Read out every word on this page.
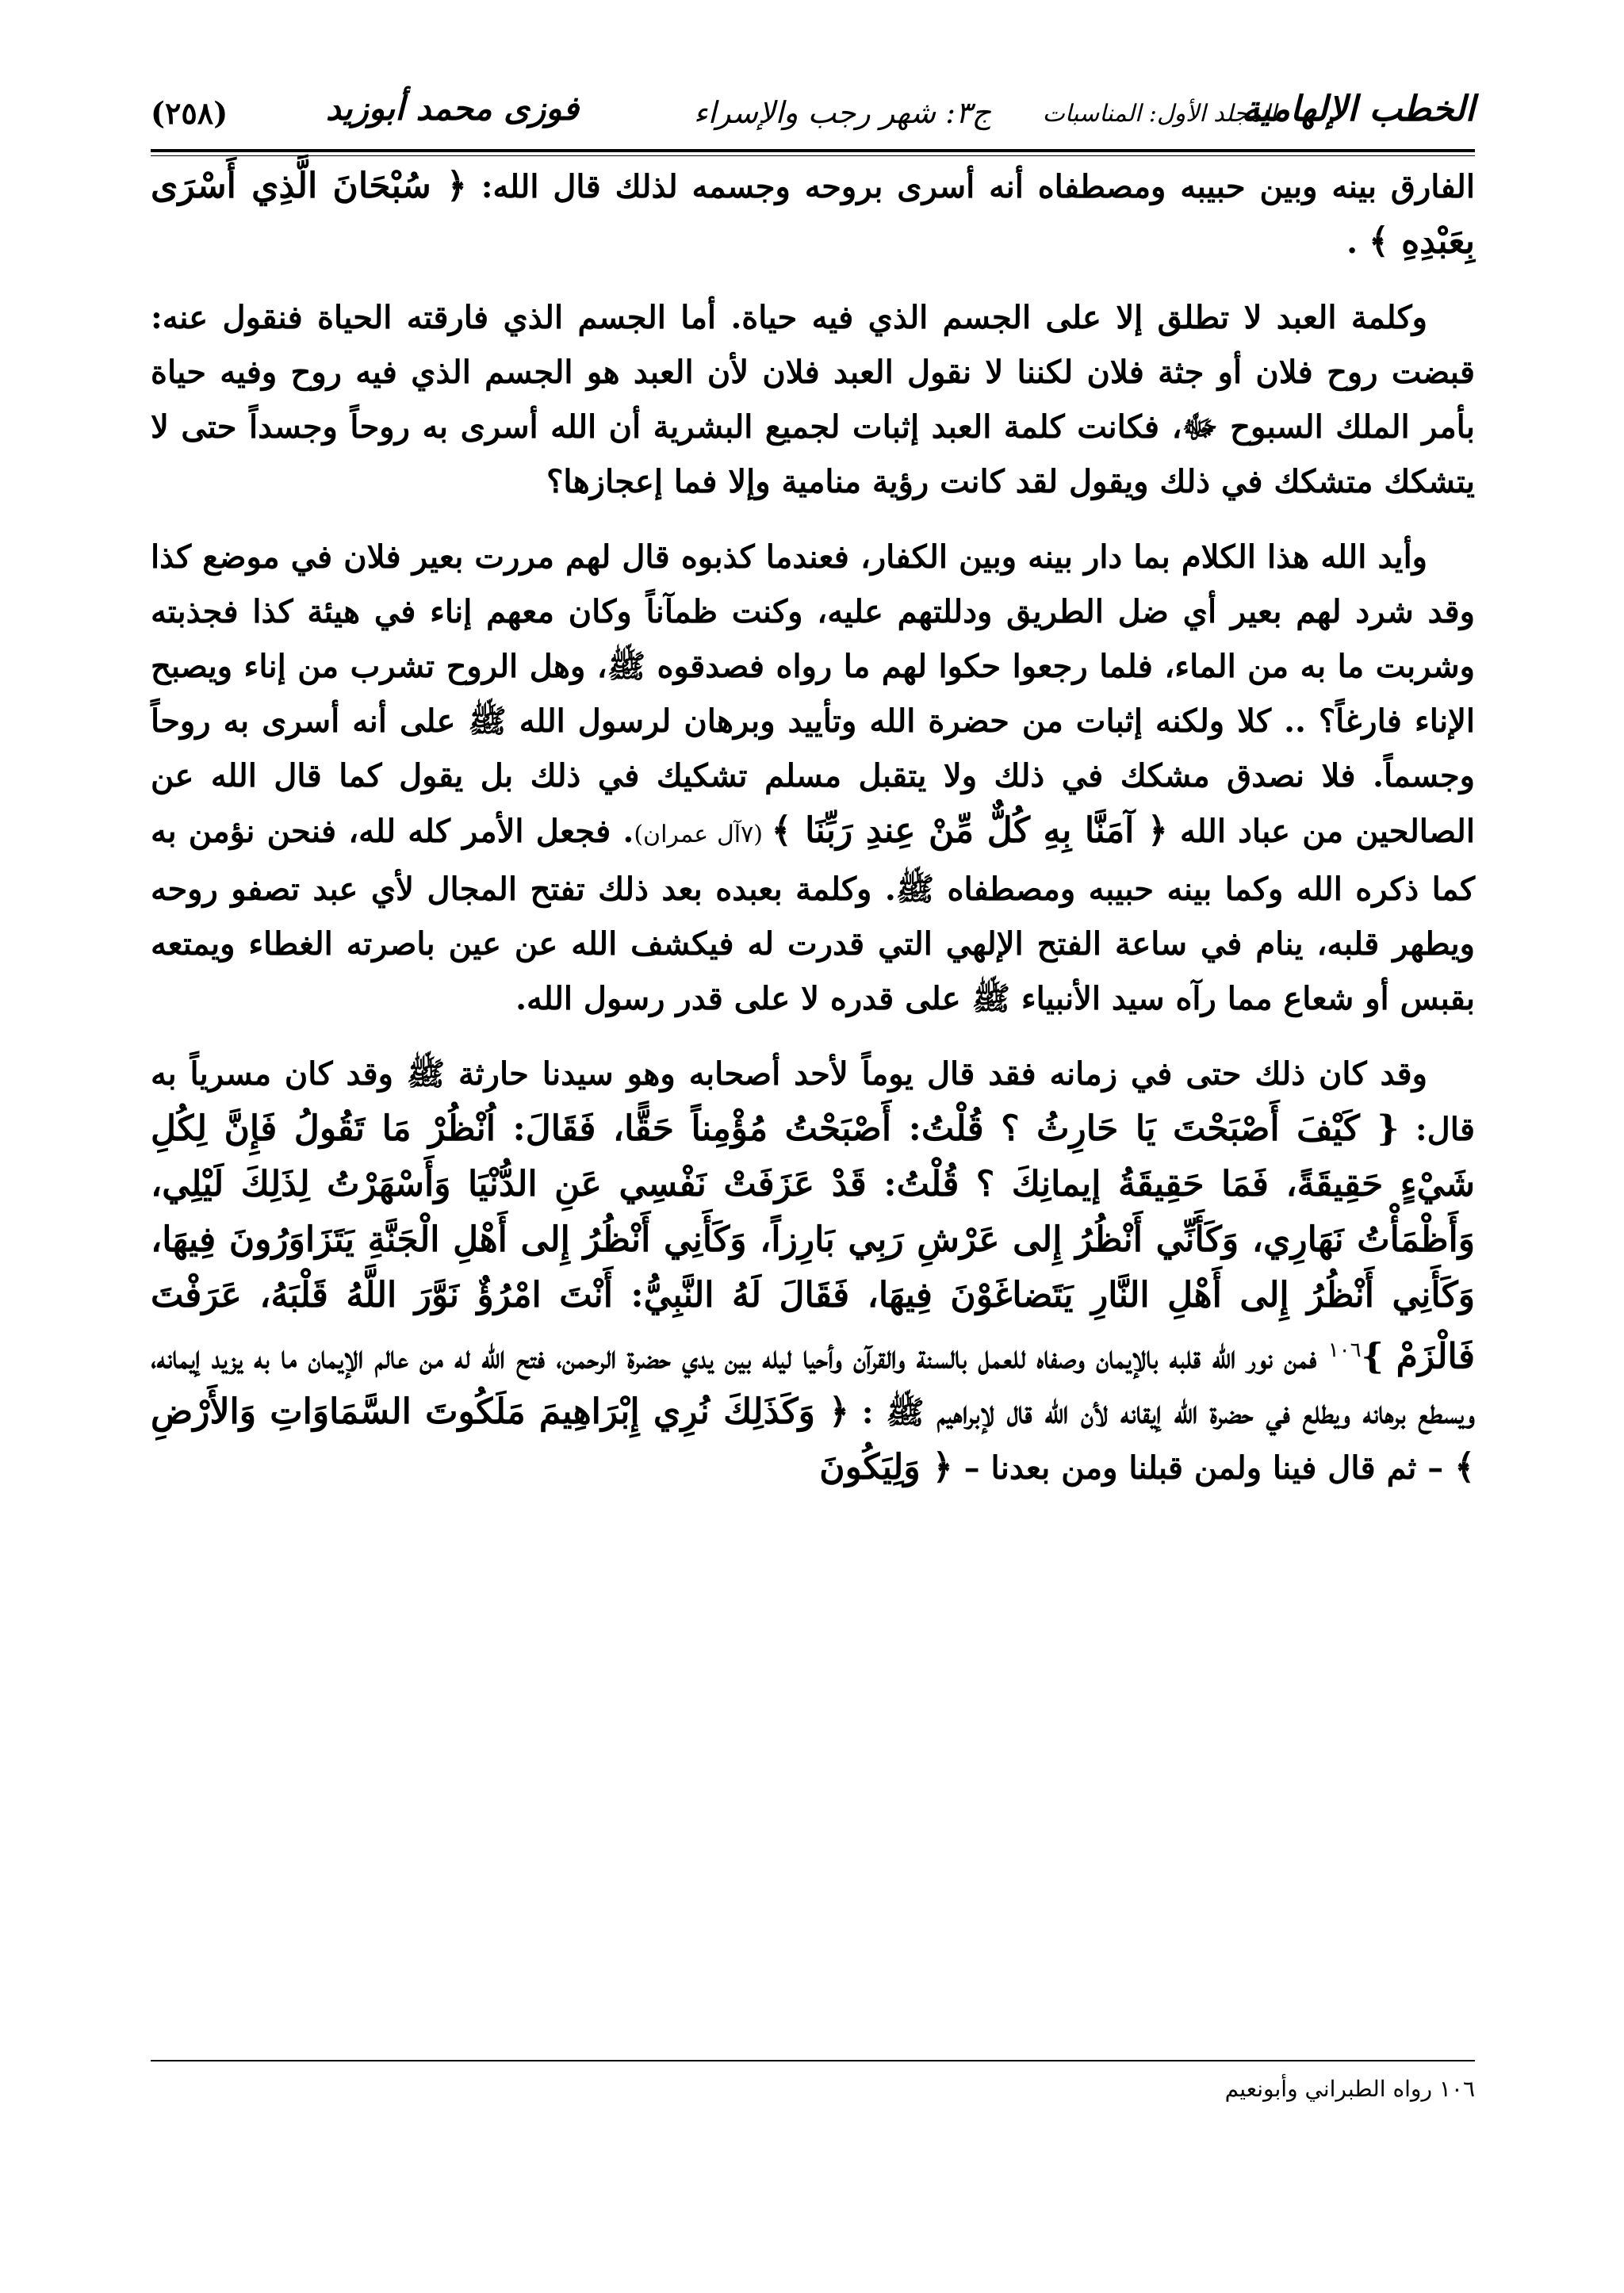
الخطب الإلهامية
المجلد الأول: المناسبات
ج٣: شهر رجب والإسراء
فوزى محمد أبوزيد
(٢٥٨)

الفارق بينه وبين حبيبه ومصطفاه أنه أسرى بروحه وجسمه لذلك قال الله: ﴿ سُبْحَانَ الَّذِي أَسْرَى بِعَبْدِهِ ﴾ .

وكلمة العبد لا تطلق إلا على الجسم الذي فيه حياة. أما الجسم الذي فارقته الحياة فنقول عنه: قبضت روح فلان أو جثة فلان لكننا لا نقول العبد فلان لأن العبد هو الجسم الذي فيه روح وفيه حياة بأمر الملك السبوح ﷻ، فكانت كلمة العبد إثبات لجميع البشرية أن الله أسرى به روحاً وجسداً حتى لا يتشكك متشكك في ذلك ويقول لقد كانت رؤية منامية وإلا فما إعجازها؟

وأيد الله هذا الكلام بما دار بينه وبين الكفار، فعندما كذبوه قال لهم مررت بعير فلان في موضع كذا وقد شرد لهم بعير أي ضل الطريق ودللتهم عليه، وكنت ظمآناً وكان معهم إناء في هيئة كذا فجذبته وشربت ما به من الماء، فلما رجعوا حكوا لهم ما رواه فصدقوه ﷺ، وهل الروح تشرب من إناء ويصبح الإناء فارغاً؟ .. كلا ولكنه إثبات من حضرة الله وتأييد وبرهان لرسول الله ﷺ على أنه أسرى به روحاً وجسماً. فلا نصدق مشكك في ذلك ولا يتقبل مسلم تشكيك في ذلك بل يقول كما قال الله عن الصالحين من عباد الله ﴿ آمَنَّا بِهِ كُلٌّ مِّنْ عِندِ رَبِّنَا ﴾ (٧آل عمران). فجعل الأمر كله لله، فنحن نؤمن به كما ذكره الله وكما بينه حبيبه ومصطفاه ﷺ. وكلمة بعبده بعد ذلك تفتح المجال لأي عبد تصفو روحه ويطهر قلبه، ينام في ساعة الفتح الإلهي التي قدرت له فيكشف الله عن عين باصرته الغطاء ويمتعه بقبس أو شعاع مما رآه سيد الأنبياء ﷺ على قدره لا على قدر رسول الله.

وقد كان ذلك حتى في زمانه فقد قال يوماً لأحد أصحابه وهو سيدنا حارثة ﷺ وقد كان مسرياً به قال: { كَيْفَ أَصْبَحْتَ يَا حَارِثُ ؟ قُلْتُ: أَصْبَحْتُ مُؤْمِناً حَقًّا، فَقَالَ: اُنْظُرْ مَا تَقُولُ فَإِنَّ لِكُلِ شَيْءٍ حَقِيقَةً، فَمَا حَقِيقَةُ إيمانِكَ ؟ قُلْتُ: قَدْ عَزَفَتْ نَفْسِي عَنِ الدُّنْيَا وَأَسْهَرْتُ لِذَلِكَ لَيْلِي، وَأَظْمَأْتُ نَهَارِي، وَكَأَنِّي أَنْظُرُ إِلى عَرْشِ رَبِي بَارِزاً، وَكَأَنِي أَنْظُرُ إِلى أَهْلِ الْجَنَّةِ يَتَزَاوَرُونَ فِيهَا، وَكَأَنِي أَنْظُرُ إِلى أَهْلِ النَّارِ يَتَضاغَوْنَ فِيهَا، فَقَالَ لَهُ النَّبِيُّ: أَنْتَ امْرُؤٌ نَوَّرَ اللَّهُ قَلْبَهُ، عَرَفْتَ فَالْزَمْ }$^{١٠٦}$ فمن نور الله قلبه بالإيمان وصفاه للعمل بالسنة والقرآن وأحيا ليله بين يدي حضرة الرحمن، فتح الله له من عالم الإيمان ما به يزيد إيمانه، ويسطع برهانه ويطلع في حضرة الله إيقانه لأن الله قال لإبراهيم ﷺ : ﴿ وَكَذَلِكَ نُرِي إِبْرَاهِيمَ مَلَكُوتَ السَّمَاوَاتِ وَالأَرْضِ ﴾ – ثم قال فينا ولمن قبلنا ومن بعدنا – ﴿ وَلِيَكُونَ

١٠٦ رواه الطبراني وأبونعيم
